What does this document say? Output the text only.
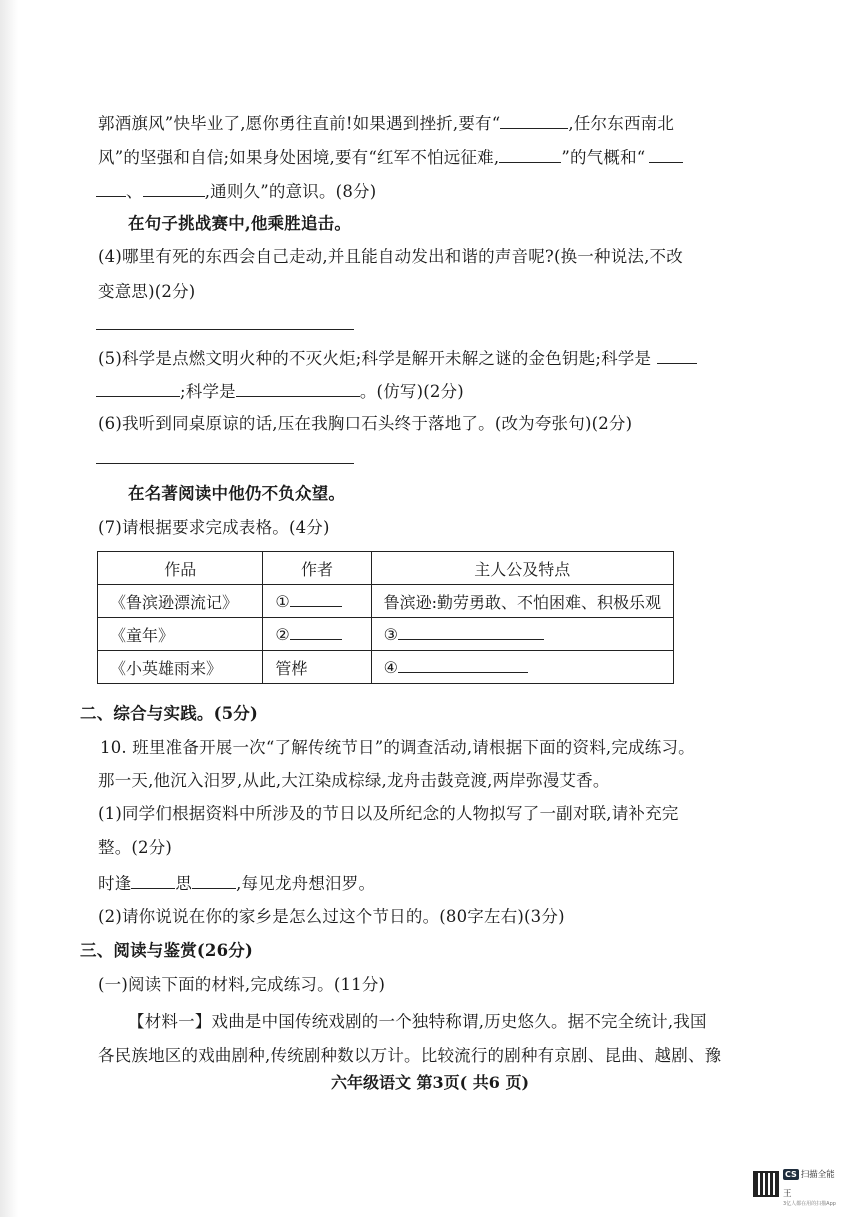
郭酒旗风”快毕业了,愿你勇往直前!如果遇到挫折,要有“	,任尔东西南北
风”的坚强和自信;如果身处困境,要有“红军不怕远征难,	”的气概和“
、	,通则久”的意识。(8分)
在句子挑战赛中,他乘胜追击。
(4)哪里有死的东西会自己走动,并且能自动发出和谐的声音呢?(换一种说法,不改
变意思)(2分)
(5)科学是点燃文明火种的不灭火炬;科学是解开未解之谜的金色钥匙;科学是
;科学是	。(仿写)(2分)
(6)我听到同桌原谅的话,压在我胸口石头终于落地了。(改为夸张句)(2分)
在名著阅读中他仍不负众望。
(7)请根据要求完成表格。(4分)
作品	作者	主人公及特点
《鲁滨逊漂流记》	①	鲁滨逊:勤劳勇敢、不怕困难、积极乐观
《童年》	②	③
《小英雄雨来》	管桦	④
二、综合与实践。(5分)
10. 班里准备开展一次“了解传统节日”的调查活动,请根据下面的资料,完成练习。
那一天,他沉入汨罗,从此,大江染成棕绿,龙舟击鼓竞渡,两岸弥漫艾香。
(1)同学们根据资料中所涉及的节日以及所纪念的人物拟写了一副对联,请补充完
整。(2分)
时逢	思	,每见龙舟想汨罗。
(2)请你说说在你的家乡是怎么过这个节日的。(80字左右)(3分)
三、阅读与鉴赏(26分)
(一)阅读下面的材料,完成练习。(11分)
【材料一】戏曲是中国传统戏剧的一个独特称谓,历史悠久。据不完全统计,我国
各民族地区的戏曲剧种,传统剧种数以万计。比较流行的剧种有京剧、昆曲、越剧、豫
六年级语文 第3页( 共6 页)
CS 扫描全能王
3亿人都在用的扫描App
